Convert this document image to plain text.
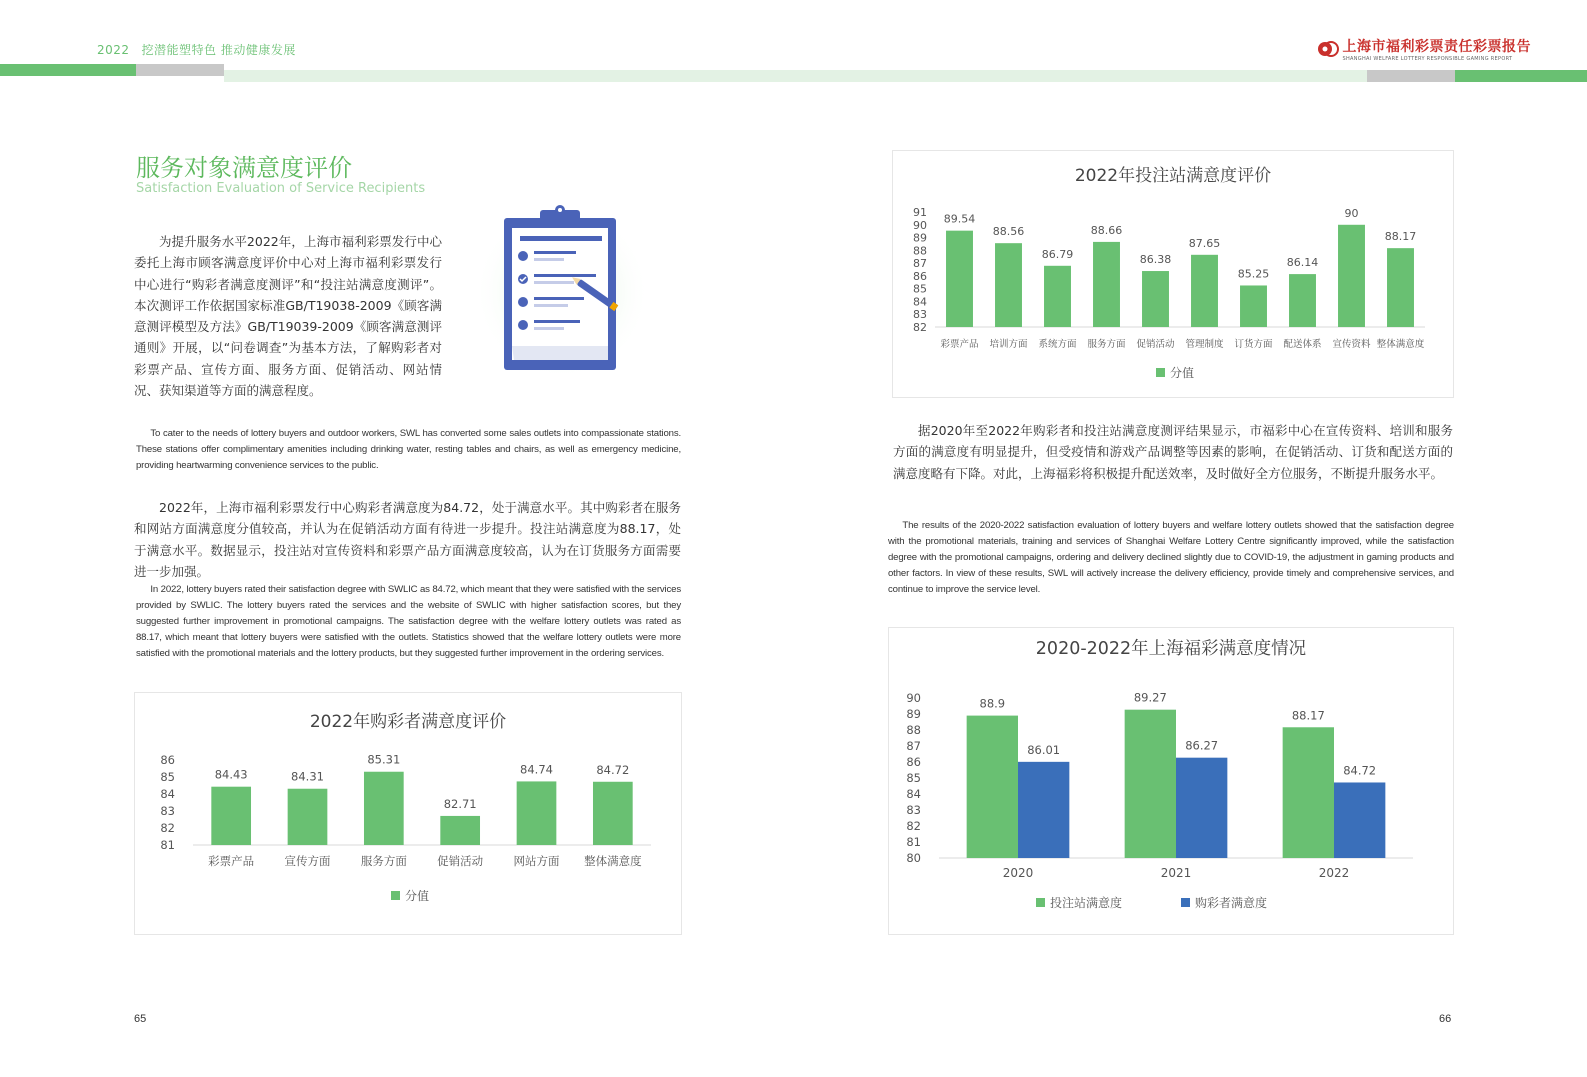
2022 挖潜能塑特色 推动健康发展	上海市福利彩票责任彩票报告
SHANGHAI WELFARE LOTTERY RESPONSIBLE GAMING REPORT
服务对象满意度评价
Satisfaction Evaluation of Service Recipients
为提升服务水平2022年，上海市福利彩票发行中心委托上海市顾客满意度评价中心对上海市福利彩票发行中心进行“购彩者满意度测评”和“投注站满意度测评”。本次测评工作依据国家标准GB/T19038-2009《顾客满意测评模型及方法》GB/T19039-2009《顾客满意测评通则》开展，以“问卷调查”为基本方法，了解购彩者对彩票产品、宣传方面、服务方面、促销活动、网站情况、获知渠道等方面的满意程度。
To cater to the needs of lottery buyers and outdoor workers, SWL has converted some sales outlets into compassionate stations. These stations offer complimentary amenities including drinking water, resting tables and chairs, as well as emergency medicine, providing heartwarming convenience services to the public.
2022年，上海市福利彩票发行中心购彩者满意度为84.72，处于满意水平。其中购彩者在服务和网站方面满意度分值较高，并认为在促销活动方面有待进一步提升。投注站满意度为88.17，处于满意水平。数据显示，投注站对宣传资料和彩票产品方面满意度较高，认为在订货服务方面需要进一步加强。
In 2022, lottery buyers rated their satisfaction degree with SWLIC as 84.72, which meant that they were satisfied with the services provided by SWLIC. The lottery buyers rated the services and the website of SWLIC with higher satisfaction scores, but they suggested further improvement in promotional campaigns. The satisfaction degree with the welfare lottery outlets was rated as 88.17, which meant that lottery buyers were satisfied with the outlets. Statistics showed that the welfare lottery outlets were more satisfied with the promotional materials and the lottery products, but they suggested further improvement in the ordering services.
2022年购彩者满意度评价
81
82
83
84
85
86
彩票产品
84.43
宣传方面
84.31
服务方面
85.31
促销活动
82.71
网站方面
84.74
整体满意度
84.72
分值
65
2022年投注站满意度评价
82
83
84
85
86
87
88
89
90
91
彩票产品
89.54
培训方面
88.56
系统方面
86.79
服务方面
88.66
促销活动
86.38
管理制度
87.65
订货方面
85.25
配送体系
86.14
宣传资料
90
整体满意度
88.17
分值
据2020年至2022年购彩者和投注站满意度测评结果显示，市福彩中心在宣传资料、培训和服务方面的满意度有明显提升，但受疫情和游戏产品调整等因素的影响，在促销活动、订货和配送方面的满意度略有下降。对此，上海福彩将积极提升配送效率，及时做好全方位服务，不断提升服务水平。
The results of the 2020-2022 satisfaction evaluation of lottery buyers and welfare lottery outlets showed that the satisfaction degree with the promotional materials, training and services of Shanghai Welfare Lottery Centre significantly improved, while the satisfaction degree with the promotional campaigns, ordering and delivery declined slightly due to COVID-19, the adjustment in gaming products and other factors. In view of these results, SWL will actively increase the delivery efficiency, provide timely and comprehensive services, and continue to improve the service level.
2020-2022年上海福彩满意度情况
80
81
82
83
84
85
86
87
88
89
90
2020
88.9
86.01
2021
89.27
86.27
2022
88.17
84.72
投注站满意度	购彩者满意度
66
